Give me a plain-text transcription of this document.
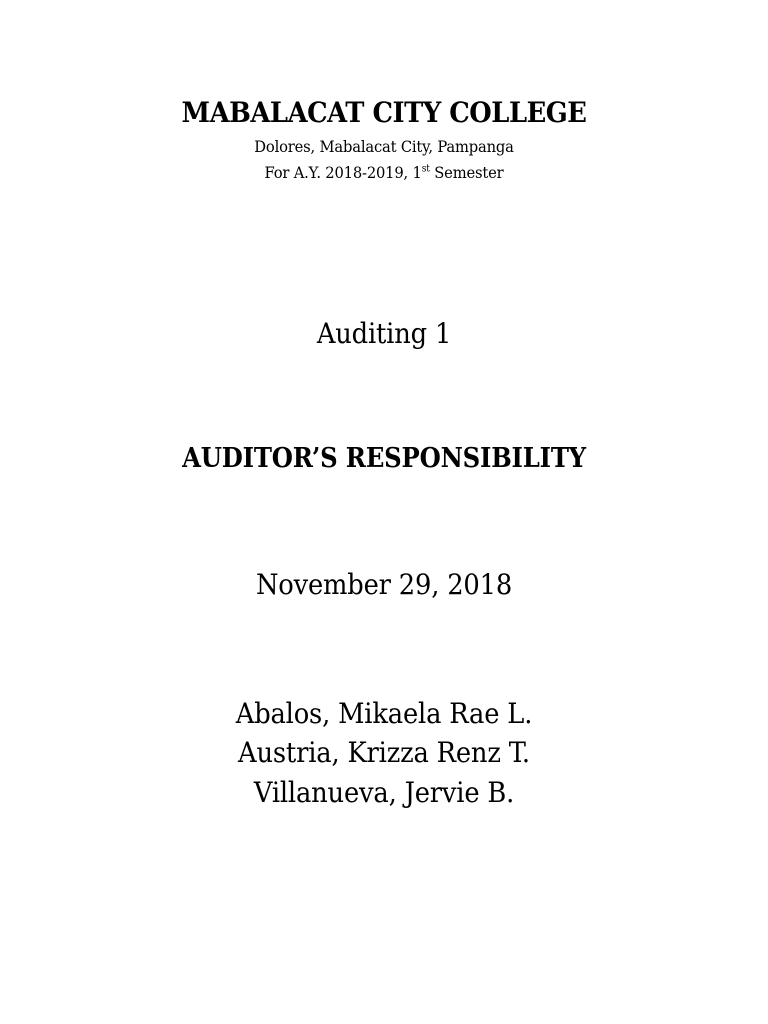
MABALACAT CITY COLLEGE
Dolores, Mabalacat City, Pampanga
For A.Y. 2018-2019, 1st Semester
Auditing 1
AUDITOR’S RESPONSIBILITY
November 29, 2018
Abalos, Mikaela Rae L.
Austria, Krizza Renz T.
Villanueva, Jervie B.
